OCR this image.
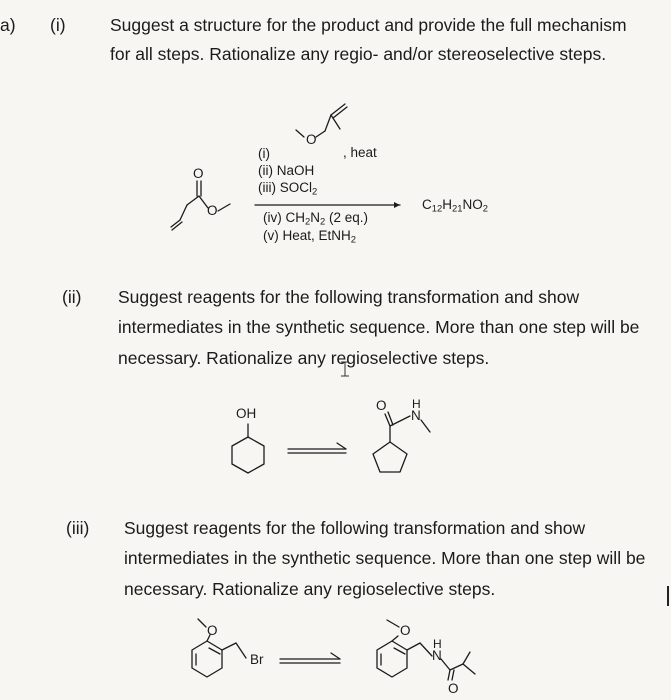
a) (i)	Suggest a structure for the product and provide the full mechanism
for all steps. Rationalize any regio- and/or stereoselective steps.
(i)	, heat
(ii) NaOH
(iii) SOCl$_2$
(iv) $CH_2N_2$ (2 eq.)
(v) Heat, EtNH$_2$
$C_{12}H_{21}NO_2$
O
O
O
(ii) Suggest reagents for the following transformation and show
intermediates in the synthetic sequence. More than one step will be
necessary. Rationalize any regioselective steps.
OH
O H
N
(iii) Suggest reagents for the following transformation and show
intermediates in the synthetic sequence. More than one step will be
necessary. Rationalize any regioselective steps.
O
Br
O
H
N
O
